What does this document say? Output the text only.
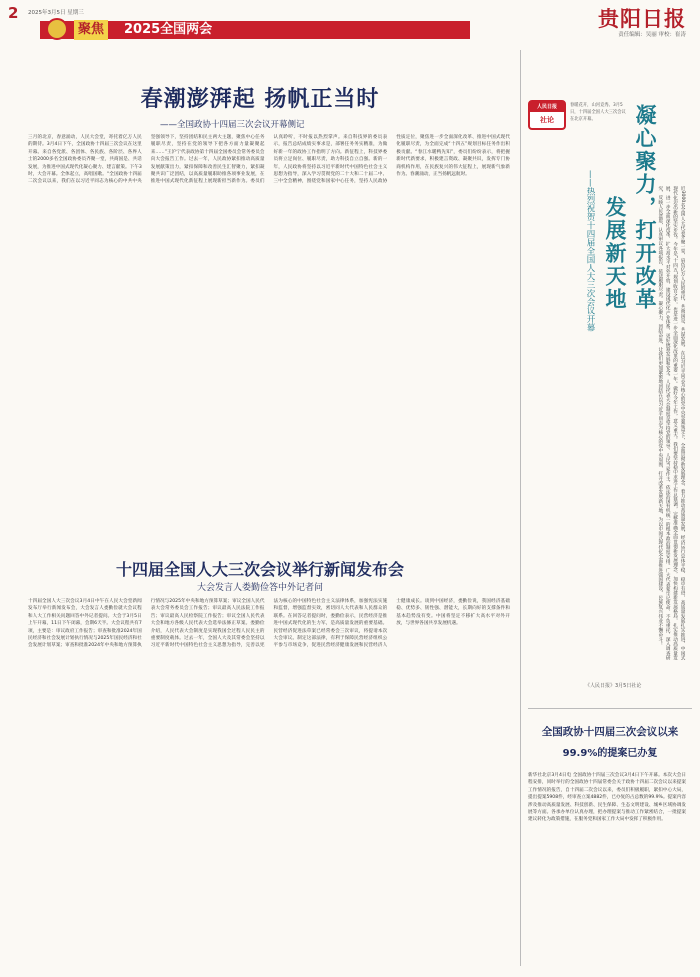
2 2025年3月5日 星期三
聚焦	2025全国两会	贵阳日报
责任编辑：吴丽 审校：崔涛
春潮澎湃起 扬帆正当时
——全国政协十四届三次会议开幕侧记
三月的北京，春意涌动，人民大会堂，寄托着亿万人民的期待。3月4日下午，全国政协十四届三次会议在这里开幕。来自各党派、各团体、各民族、各阶层、各界人士的2000多名全国政协委员齐聚一堂，共商国是、共话发展，为推进中国式现代化凝心聚力、建言献策。下午3时，大会开幕。全体起立，高唱国歌。“全国政协十四届二次会议以来，我们在以习近平同志为核心的中共中央坚强领导下，坚持团结和民主两大主题，聚焦中心任务履职尽责，坚持在党的领导下把各方面力量凝聚起来……”王沪宁代表政协第十四届全国委员会常务委员会向大会报告工作。过去一年，人民政协紧扣推动高质量发展献策出力，紧扣保障和改善民生汇智聚力，紧扣凝聚共识广泛团结，以高质量履职助推各项事业发展，在推进中国式现代化新征程上展现新担当新作为。委员们认真聆听，不时报以热烈掌声。来自科技界的委员表示，报告总结成绩实事求是，部署任务务实精准，为做好新一年的政协工作指明了方向。新征程上，科技界委员将立足岗位、履职尽责，助力科技自立自强。新的一年，人民政协将坚持以习近平新时代中国特色社会主义思想为指导，深入学习贯彻党的二十大和二十届二中、三中全会精神，围绕党和国家中心任务，坚持人民政协性质定位，聚焦进一步全面深化改革、推进中国式现代化履职尽责，为全面完成“十四五”规划目标任务作出积极贡献。“春江水暖鸭先知”，委员们纷纷表示，将把握新时代新要求，积极建言资政、凝聚共识，发挥专门协商机构作用，在民族复兴的伟大征程上，展现新气象新作为。春潮涌动，正当扬帆远航时。
十四届全国人大三次会议举行新闻发布会
大会发言人娄勤俭答中外记者问
十四届全国人大三次会议3月4日中午在人民大会堂新闻发布厅举行新闻发布会，大会发言人娄勤俭就大会议程和人大工作相关问题回答中外记者提问。大会于3月5日上午开幕，11日下午闭幕，会期6天半。大会议程共有7项，主要是：审议政府工作报告；审查和批准2024年国民经济和社会发展计划执行情况与2025年国民经济和社会发展计划草案；审查和批准2024年中央和地方预算执行情况与2025年中央和地方预算草案；审议全国人民代表大会常务委员会工作报告；审议最高人民法院工作报告；审议最高人民检察院工作报告；审议全国人民代表大会和地方各级人民代表大会选举法修正草案。娄勤俭介绍，人民代表大会制度是实现我国全过程人民民主的重要制度载体。过去一年，全国人大及其常委会坚持以习近平新时代中国特色社会主义思想为指导，完善以宪法为核心的中国特色社会主义法律体系，加强宪法实施和监督，增强监督实效，密切同人大代表和人民群众的联系。在回答记者提问时，娄勤俭表示，民营经济是推进中国式现代化的生力军，是高质量发展的重要基础。民营经济促进法草案已经常委会三次审议，将提请本次大会审议。制定这部法律，有利于保障民营经济组织公平参与市场竞争，促进民营经济健康发展和民营经济人士健康成长。谈到中国经济，娄勤俭说，我国经济基础稳、优势多、韧性强、潜能大，长期向好的支撑条件和基本趋势没有变。中国将坚定不移扩大高水平对外开放，与世界各国共享发展机遇。
人民日报
社论
春暖花开，山河竞秀。3月5日，十四届全国人大三次会议在北京开幕。	凝心聚力，打开改革
——热烈祝贺十四届全国人大三次会议开幕 发展新天地	近3000名全国人大代表齐聚一堂，肩负亿万人民的重托，共商国是、共谋发展。在以习近平同志为核心的党中央坚强领导下，全面贯彻新发展理念，着力推动高质量发展，经济运行总体平稳、稳中有进，高质量发展扎实推进，中国式现代化迈出新的坚实步伐。今年是“十四五”规划收官之年，也是进一步全面深化改革的重要一年。做好今年工作，意义重大。我们要坚持稳中求进工作总基调，完整准确全面贯彻新发展理念，加快构建新发展格局，扎实推动高质量发展，进一步全面深化改革，扩大高水平对外开放，建设现代化产业体系，更好统筹发展和安全。人民代表大会制度是坚持党的领导、人民当家作主、依法治国有机统一的根本政治制度安排。广大代表要牢记使命、不负重托，深入调查研究，反映人民意愿，认真审议各项报告，依法履职尽责。凝心聚力，团结奋进，让我们更加紧密地团结在以习近平同志为核心的党中央周围，打开改革发展新天地，为以中国式现代化全面推进强国建设、民族复兴伟业不懈奋斗！
《人民日报》3月5日社论
全国政协十四届三次会议以来
99.9%的提案已办复
新华社北京3月4日电 全国政协十四届三次会议3月4日下午开幕。本次大会日程安排，同时举行的全国政协十四届常委会关于政协十四届二次会议以来提案工作情况的报告，自十四届二次会议以来，委员们积极履职，紧扣中心大局，提出提案5908件，经审查立案4882件，已办复的占总数的99.9%。提案内容涉及推动高质量发展、科技创新、民生保障、生态文明建设、城乡区域协调发展等方面。各承办单位认真办理，把办理提案与推动工作紧密结合，一批提案建议转化为政策措施，在服务党和国家工作大局中发挥了积极作用。
